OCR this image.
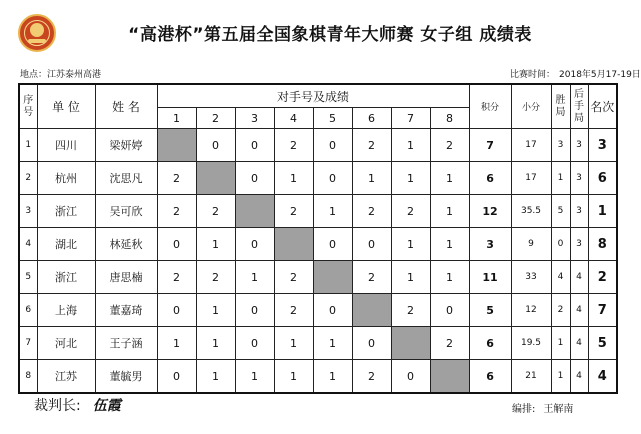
“高港杯”第五届全国象棋青年大师赛 女子组 成绩表
地点：江苏泰州高港	比赛时间： 2018年5月17-19日
序号	单 位	姓 名	对手号及成绩								积分	小分	胜局	后手局	名次
			1	2	3	4	5	6	7	8					
1	四川	梁妍婷		0	0	2	0	2	1	2	7	17	3	3	3
2	杭州	沈思凡	2		0	1	0	1	1	1	6	17	1	3	6
3	浙江	吴可欣	2	2		2	1	2	2	1	12	35.5	5	3	1
4	湖北	林延秋	0	1	0		0	0	1	1	3	9	0	3	8
5	浙江	唐思楠	2	2	1	2		2	1	1	11	33	4	4	2
6	上海	董嘉琦	0	1	0	2	0		2	0	5	12	2	4	7
7	河北	王子涵	1	1	0	1	1	0		2	6	19.5	1	4	5
8	江苏	董毓男	0	1	1	1	1	2	0		6	21	1	4	4
裁判长: 伍霞	编排: 王解南
